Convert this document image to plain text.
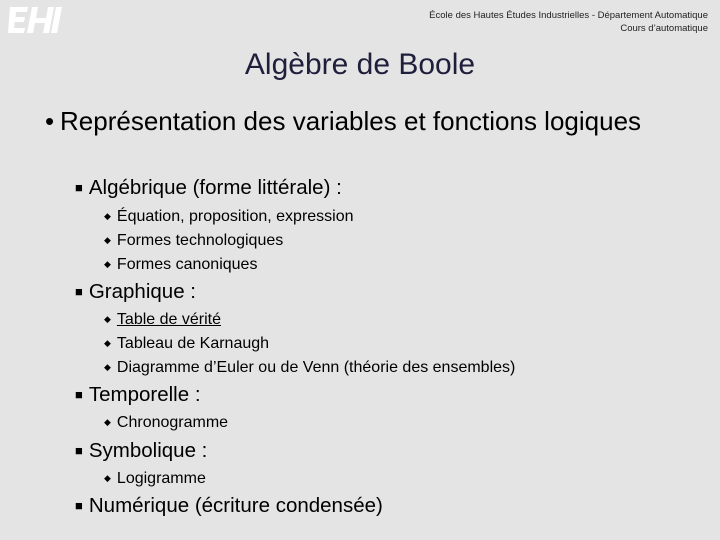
École des Hautes Études Industrielles - Département Automatique
Cours d’automatique
Algèbre de Boole
• Représentation des variables et fonctions logiques
■ Algébrique (forme littérale) :
◆ Équation, proposition, expression
◆ Formes technologiques
◆ Formes canoniques
■ Graphique :
◆ Table de vérité
◆ Tableau de Karnaugh
◆ Diagramme d’Euler ou de Venn (théorie des ensembles)
■ Temporelle :
◆ Chronogramme
■ Symbolique :
◆ Logigramme
■ Numérique (écriture condensée)
